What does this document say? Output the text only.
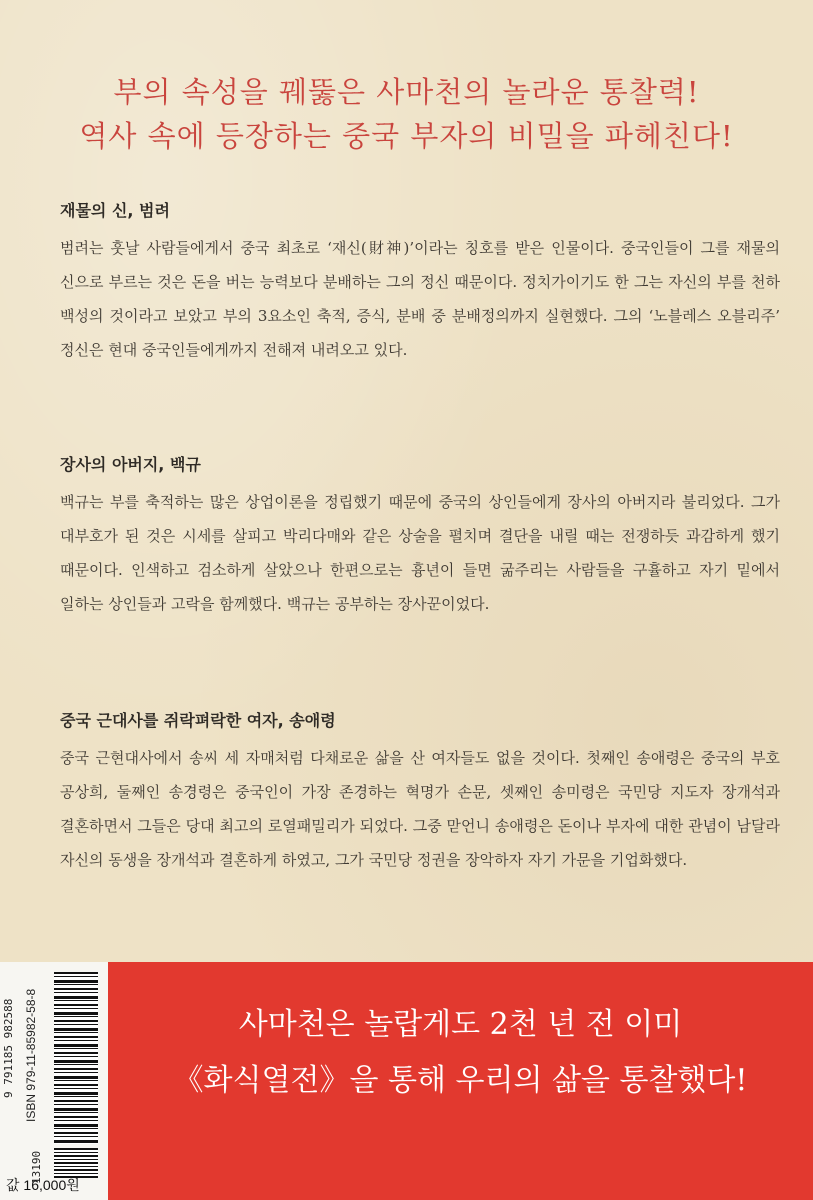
부의 속성을 꿰뚫은 사마천의 놀라운 통찰력!
역사 속에 등장하는 중국 부자의 비밀을 파헤친다!
재물의 신, 범려

범려는 훗날 사람들에게서 중국 최초로 ‘재신(財神)’이라는 칭호를 받은 인물이다. 중국인들이 그를 재물의 신으로 부르는 것은 돈을 버는 능력보다 분배하는 그의 정신 때문이다. 정치가이기도 한 그는 자신의 부를 천하 백성의 것이라고 보았고 부의 3요소인 축적, 증식, 분배 중 분배정의까지 실현했다. 그의 ‘노블레스 오블리주’ 정신은 현대 중국인들에게까지 전해져 내려오고 있다.

장사의 아버지, 백규

백규는 부를 축적하는 많은 상업이론을 정립했기 때문에 중국의 상인들에게 장사의 아버지라 불리었다. 그가 대부호가 된 것은 시세를 살피고 박리다매와 같은 상술을 펼치며 결단을 내릴 때는 전쟁하듯 과감하게 했기 때문이다. 인색하고 검소하게 살았으나 한편으로는 흉년이 들면 굶주리는 사람들을 구휼하고 자기 밑에서 일하는 상인들과 고락을 함께했다. 백규는 공부하는 장사꾼이었다.

중국 근대사를 쥐락펴락한 여자, 송애령

중국 근현대사에서 송씨 세 자매처럼 다채로운 삶을 산 여자들도 없을 것이다. 첫째인 송애령은 중국의 부호 공상희, 둘째인 송경령은 중국인이 가장 존경하는 혁명가 손문, 셋째인 송미령은 국민당 지도자 장개석과 결혼하면서 그들은 당대 최고의 로열패밀리가 되었다. 그중 맏언니 송애령은 돈이나 부자에 대한 관념이 남달라 자신의 동생을 장개석과 결혼하게 하였고, 그가 국민당 정권을 장악하자 자기 가문을 기업화했다.

9 791185 982588 ISBN 979-11-85982-58-8
13190
값 16,000원
사마천은 놀랍게도 2천 년 전 이미
《화식열전》을 통해 우리의 삶을 통찰했다!
